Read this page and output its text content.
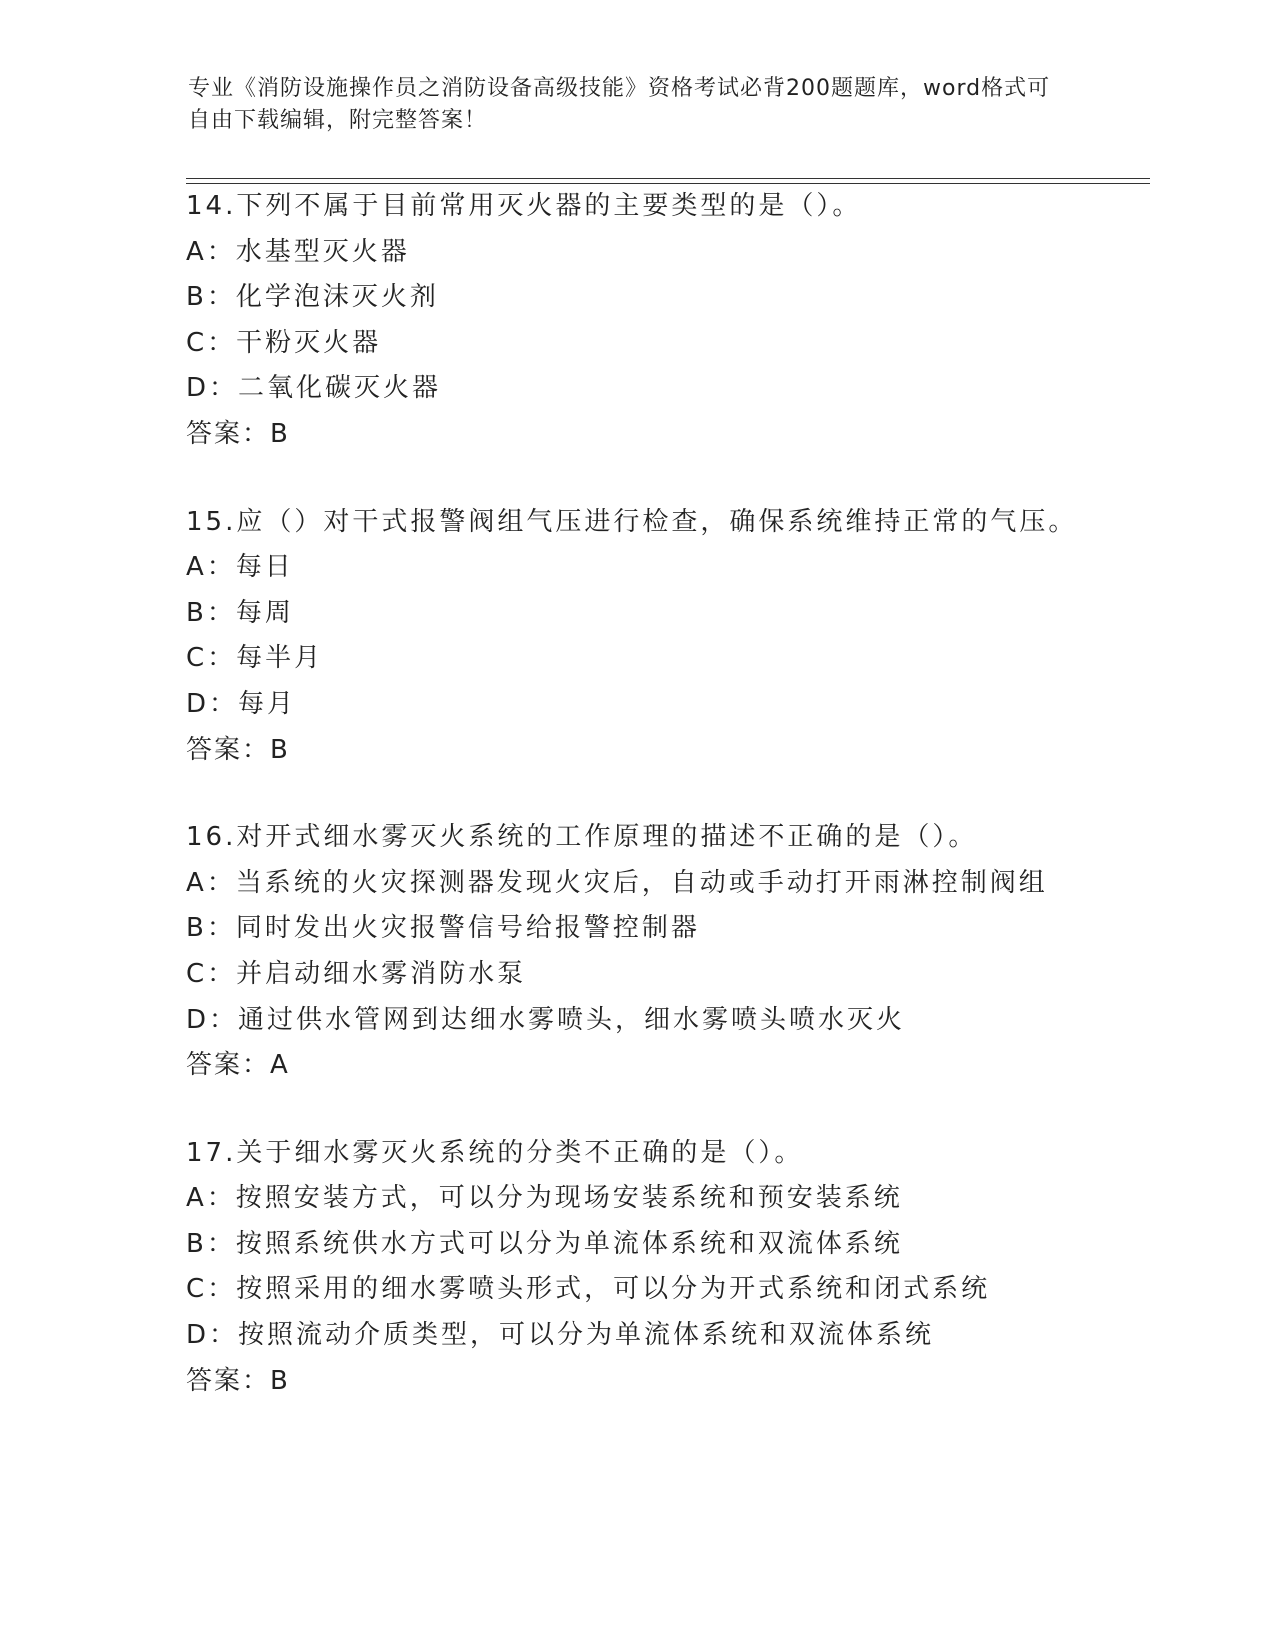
专业《消防设施操作员之消防设备高级技能》资格考试必背200题题库，word格式可自由下载编辑，附完整答案！

14.下列不属于目前常用灭火器的主要类型的是（）。
A：水基型灭火器
B：化学泡沫灭火剂
C：干粉灭火器
D：二氧化碳灭火器
答案：B
15.应（）对干式报警阀组气压进行检查，确保系统维持正常的气压。
A：每日
B：每周
C：每半月
D：每月
答案：B
16.对开式细水雾灭火系统的工作原理的描述不正确的是（）。
A：当系统的火灾探测器发现火灾后，自动或手动打开雨淋控制阀组
B：同时发出火灾报警信号给报警控制器
C：并启动细水雾消防水泵
D：通过供水管网到达细水雾喷头，细水雾喷头喷水灭火
答案：A
17.关于细水雾灭火系统的分类不正确的是（）。
A：按照安装方式，可以分为现场安装系统和预安装系统
B：按照系统供水方式可以分为单流体系统和双流体系统
C：按照采用的细水雾喷头形式，可以分为开式系统和闭式系统
D：按照流动介质类型，可以分为单流体系统和双流体系统
答案：B
